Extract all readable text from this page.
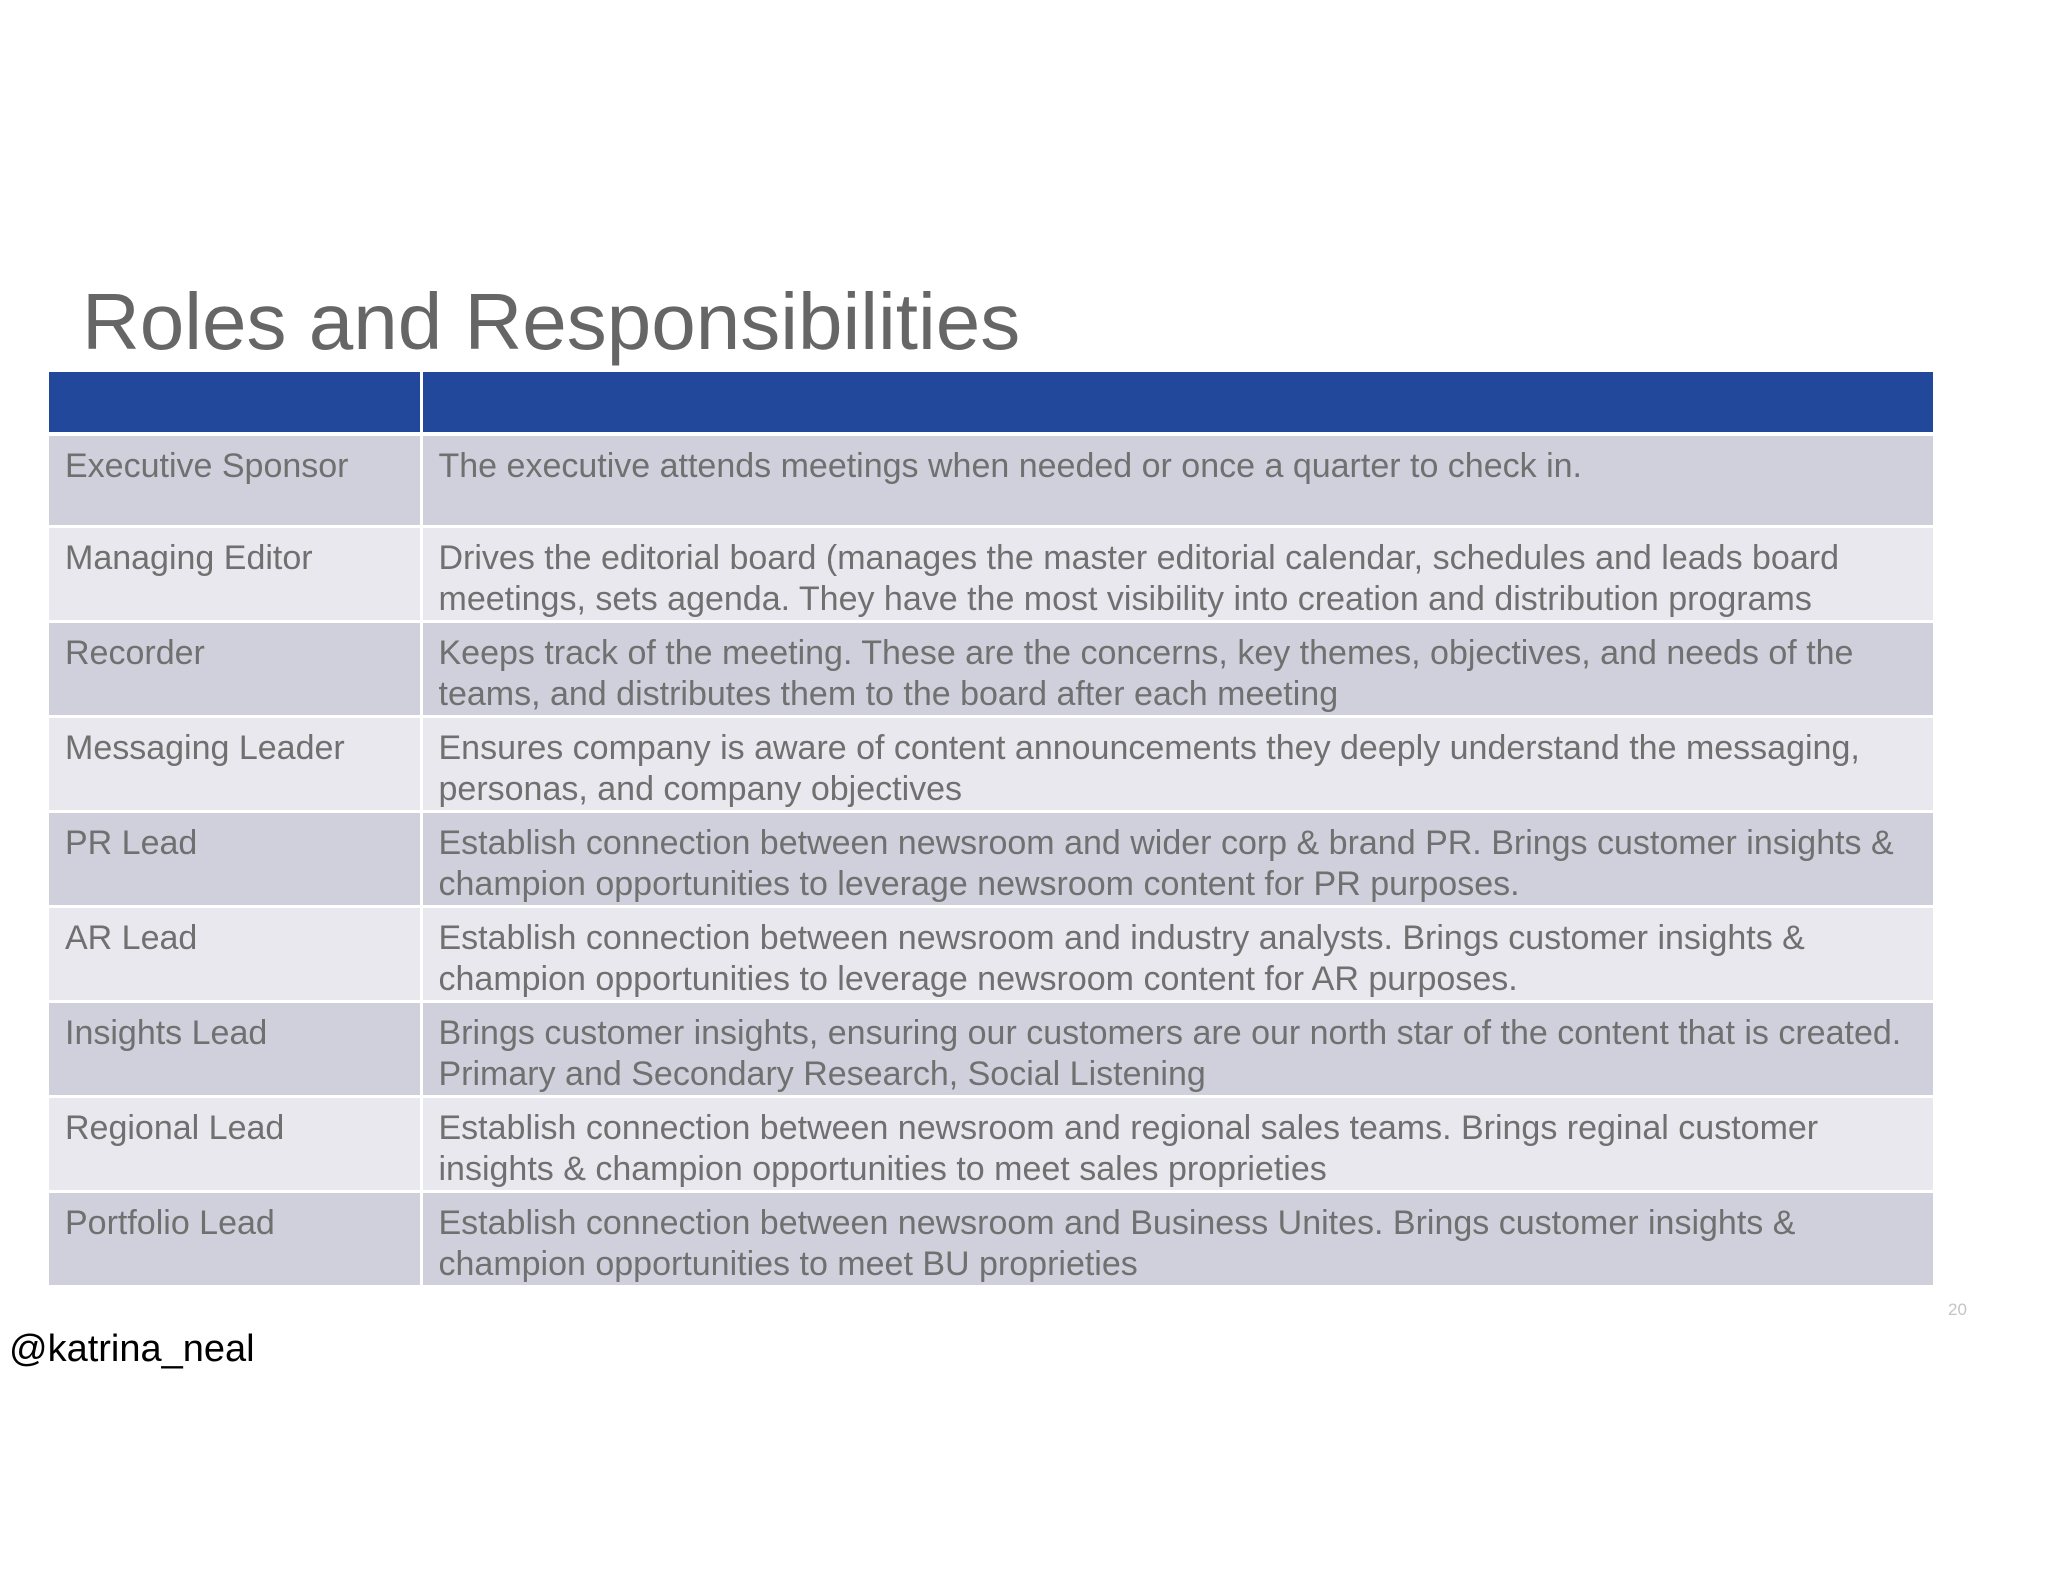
Roles and Responsibilities

Executive Sponsor	The executive attends meetings when needed or once a quarter to check in.
Managing Editor	Drives the editorial board (manages the master editorial calendar, schedules and leads board meetings, sets agenda. They have the most visibility into creation and distribution programs
Recorder	Keeps track of the meeting. These are the concerns, key themes, objectives, and needs of the teams, and distributes them to the board after each meeting
Messaging Leader	Ensures company is aware of content announcements they deeply understand the messaging, personas, and company objectives
PR Lead	Establish connection between newsroom and wider corp & brand PR. Brings customer insights & champion opportunities to leverage newsroom content for PR purposes.
AR Lead	Establish connection between newsroom and industry analysts. Brings customer insights & champion opportunities to leverage newsroom content for AR purposes.
Insights Lead	Brings customer insights, ensuring our customers are our north star of the content that is created. Primary and Secondary Research, Social Listening
Regional Lead	Establish connection between newsroom and regional sales teams. Brings reginal customer insights & champion opportunities to meet sales proprieties
Portfolio Lead	Establish connection between newsroom and Business Unites. Brings customer insights & champion opportunities to meet BU proprieties
20
@katrina_neal
